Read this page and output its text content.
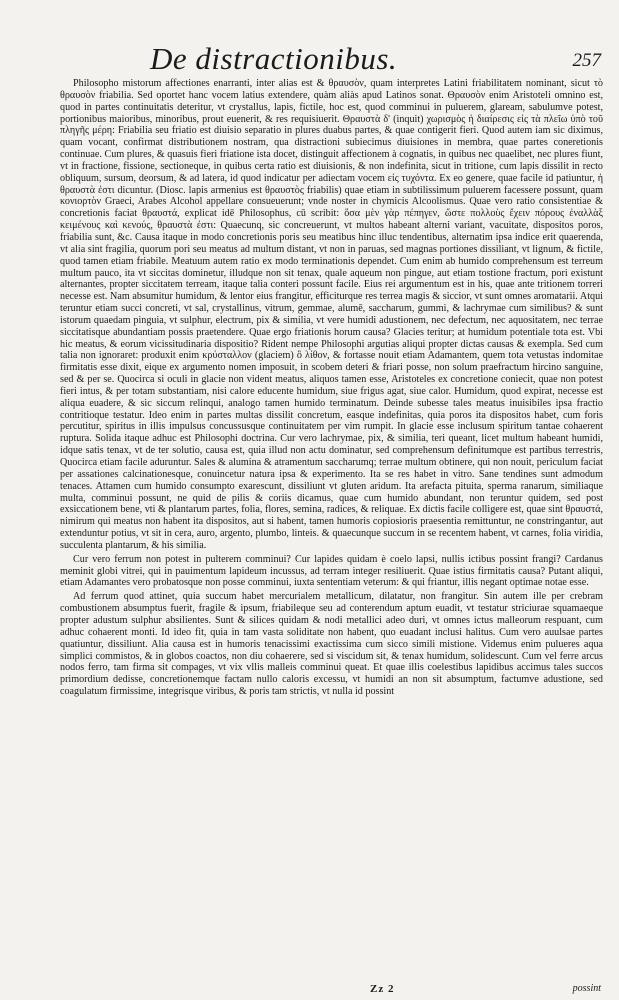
De distractionibus.	257

Philosopho mistorum affectiones enarranti, inter alias est & θραυσὸν, quam interpretes Latini friabilitatem nominant, sicut τὸ θραυσὸν friabilia. Sed oportet hanc vocem latius extendere, quàm aliàs apud Latinos sonat. Θραυσὸν enim Aristoteli omnino est, quod in partes continuitatis deteritur, vt crystallus, lapis, fictile, hoc est, quod comminui in puluerem, glaream, sabulumve potest, portionibus maioribus, minoribus, prout euenerit, & res requisiuerit. Θραυστὰ δ' (inquit) χωρισμὸς ἡ διαίρεσις εἰς τὰ πλεῖω ὑπὸ τοῦ πληγῆς μέρη: Friabilia seu friatio est diuisio separatio in plures duabus partes, & quae contigerit fieri. Quod autem iam sic diximus, quam vocant, confirmat distributionem nostram, qua distractioni subiecimus diuisiones in membra, quae partes coneretionis continuae. Cum plures, & quasuis fieri friatione ista docet, distinguit affectionem à cognatis, in quibus nec quaelibet, nec plures fiunt, vt in fractione, fissione, sectioneque, in quibus certa ratio est diuisionis, & non indefinita, sicut in tritione, cum lapis dissilit in recto obliquum, sursum, deorsum, & ad latera, id quod indicatur per adiectam vocem εἰς τυχόντα. Ex eo genere, quae facile id patiuntur, ἡ θραυστὰ ἐστι dicuntur. (Diosc. lapis armenius est θραυστὸς friabilis) quae etiam in subtilissimum puluerem facessere possunt, quam κονιορτὸν Graeci, Arabes Alcohol appellare consueuerunt; vnde noster in chymicis Alcoolismus. Quae vero ratio consistentiae & concretionis faciat θραυστά, explicat idē Philosophus, cū scribit: ὅσα μὲν γὰρ πέπηγεν, ὥστε πολλοὺς ἔχειν πόρους ἐναλλὰξ κειμένους καὶ κενούς, θραυστὰ ἐστι: Quaecunq, sic concreuerunt, vt multos habeant alterni variant, vacuitate, dispositos poros, friabilia sunt, &c. Causa itaque in modo concretionis poris seu meatibus hinc illuc tendentibus, alternatim ipsa indice erit quaerenda, vt alia sint fragilia, quorum pori seu meatus ad multum distant, vt non in paruas, sed magnas portiones dissiliant, vt lignum, & fictile, quod tamen etiam friabile. Meatuum autem ratio ex modo terminationis dependet. Cum enim ab humido comprehensum est terreum multum pauco, ita vt siccitas dominetur, illudque non sit tenax, quale aqueum non pingue, aut etiam tostione fractum, pori existunt alternantes, propter siccitatem terream, itaque talia conteri possunt facile. Eius rei argumentum est in his, quae ante tritionem torreri necesse est. Nam absumitur humidum, & lentor eius frangitur, efficiturque res terrea magis & siccior, vt sunt omnes aromatarii. Atqui teruntur etiam succi concreti, vt sal, crystallinus, vitrum, gemmae, alumē, saccharum, gummi, & lachrymae cum similibus? & sunt istorum quaedam pinguia, vt sulphur, electrum, pix & similia, vt vere humidi adustionem, nec defectum, nec aquositatem, nec terrae siccitatisque abundantiam possis praetendere. Quae ergo friationis horum causa? Glacies teritur; at humidum potentiale tota est. Vbi hic meatus, & eorum vicissitudinaria dispositio? Rident nempe Philosophi argutias aliqui propter dictas causas & exempla. Sed cum talia non ignoraret: produxit enim κρύσταλλον (glaciem) ὃ λίθον, & fortasse nouit etiam Adamantem, quem tota vetustas indomitae firmitatis esse dixit, eique ex argumento nomen imposuit, in scobem deteri & friari posse, non solum praefractum hircino sanguine, sed & per se. Quocirca si oculi in glacie non vident meatus, aliquos tamen esse, Aristoteles ex concretione coniecit, quae non potest fieri intus, & per totam substantiam, nisi calore educente humidum, siue frigus agat, siue calor. Humidum, quod expirat, necesse est aliqua euadere, & sic siccum relinqui, analogo tamen humido terminatum. Deinde subesse tales meatus inuisibiles ipsa fractio contritioque testatur. Ideo enim in partes multas dissilit concretum, easque indefinitas, quia poros ita dispositos habet, cum foris percutitur, spiritus in illis impulsus concussusque continuitatem per vim rumpit. In glacie esse inclusum spiritum tantae cohaerent ruptura. Solida itaque adhuc est Philosophi doctrina. Cur vero lachrymae, pix, & similia, teri queant, licet multum habeant humidi, idque satis tenax, vt de ter solutio, causa est, quia illud non actu dominatur, sed comprehensum definitumque est partibus terrestris, Quocirca etiam facile aduruntur. Sales & alumina & atramentum saccharumq; terrae multum obtinere, qui non nouit, periculum faciat per assationes calcinationesque, conuincetur natura ipsa & experimento. Ita se res habet in vitro. Sane tendines sunt admodum tenaces. Attamen cum humido consumpto exarescunt, dissiliunt vt gluten aridum. Ita arefacta pituita, sperma ranarum, similiaque multa, comminui possunt, ne quid de pilis & coriis dicamus, quae cum humido abundant, non teruntur quidem, sed post exsiccationem bene, vti & plantarum partes, folia, flores, semina, radices, & reliquae. Ex dictis facile colligere est, quae sint θραυστά, nimirum qui meatus non habent ita dispositos, aut si habent, tamen humoris copiosioris praesentia remittuntur, ne constringantur, aut extenduntur potius, vt sit in cera, auro, argento, plumbo, linteis. & quaecunque succum in se recentem habent, vt carnes, folia viridia, succulenta plantarum, & his similia.

Cur vero ferrum non potest in pulterem comminui? Cur lapides quidam è coelo lapsi, nullis ictibus possint frangi? Cardanus meminit globi vitrei, qui in pauimentum lapideum incussus, ad terram integer resiliuerit. Quae istius firmitatis causa? Putant aliqui, etiam Adamantes vero probatosque non posse comminui, iuxta sententiam veterum: & qui friantur, illis negant optimae notae esse.

Ad ferrum quod attinet, quia succum habet mercurialem metallicum, dilatatur, non frangitur. Sin autem ille per crebram combustionem absumptus fuerit, fragile & ipsum, friabileque seu ad conterendum aptum euadit, vt testatur striciurae squamaeque propter adustum sulphur absilientes. Sunt & silices quidam & nodi metallici adeo duri, vt omnes ictus malleorum respuant, cum adhuc cohaerent monti. Id ideo fit, quia in tam vasta soliditate non habent, quo euadant inclusi halitus. Cum vero auulsae partes quatiuntur, dissiliunt. Alia causa est in humoris tenacissimi exactissima cum sicco simili mistione. Videmus enim pulueres aqua simplici commistos, & in globos coactos, non diu cohaerere, sed si viscidum sit, & tenax humidum, solidescunt. Cum vel ferre arcus nodos ferro, tam firma sit compages, vt vix vllis malleis comminui queat. Et quae illis coelestibus lapidibus accimus tales succos primordium dedisse, concretionemque factam nullo caloris excessu, vt humidi an non sit absumptum, factumve adustione, sed coagulatum firmissime, integrisque viribus, & poris tam strictis, vt nulla id possint

Zz 2	possint
